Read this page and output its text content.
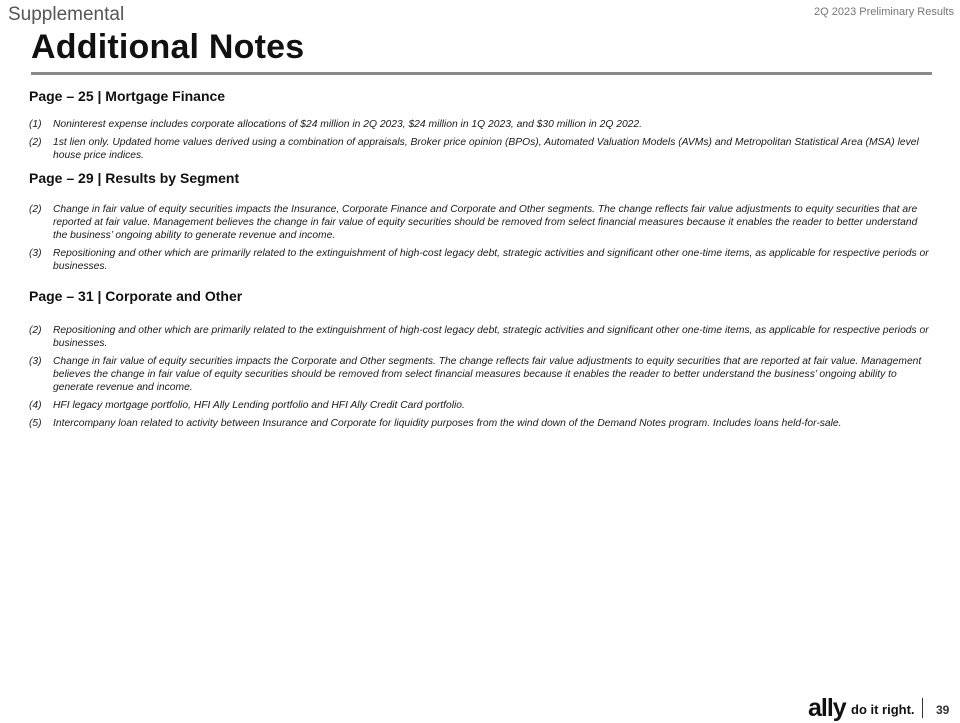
Supplemental	2Q 2023 Preliminary Results
Additional Notes
Page – 25 | Mortgage Finance
(1) Noninterest expense includes corporate allocations of $24 million in 2Q 2023, $24 million in 1Q 2023, and $30 million in 2Q 2022.
(2) 1st lien only. Updated home values derived using a combination of appraisals, Broker price opinion (BPOs), Automated Valuation Models (AVMs) and Metropolitan Statistical Area (MSA) level house price indices.
Page – 29 | Results by Segment
(2) Change in fair value of equity securities impacts the Insurance, Corporate Finance and Corporate and Other segments. The change reflects fair value adjustments to equity securities that are reported at fair value. Management believes the change in fair value of equity securities should be removed from select financial measures because it enables the reader to better understand the business’ ongoing ability to generate revenue and income.
(3) Repositioning and other which are primarily related to the extinguishment of high-cost legacy debt, strategic activities and significant other one-time items, as applicable for respective periods or businesses.
Page – 31 | Corporate and Other
(2) Repositioning and other which are primarily related to the extinguishment of high-cost legacy debt, strategic activities and significant other one-time items, as applicable for respective periods or businesses.
(3) Change in fair value of equity securities impacts the Corporate and Other segments. The change reflects fair value adjustments to equity securities that are reported at fair value. Management believes the change in fair value of equity securities should be removed from select financial measures because it enables the reader to better understand the business’ ongoing ability to generate revenue and income.
(4) HFI legacy mortgage portfolio, HFI Ally Lending portfolio and HFI Ally Credit Card portfolio.
(5) Intercompany loan related to activity between Insurance and Corporate for liquidity purposes from the wind down of the Demand Notes program. Includes loans held-for-sale.
ally do it right. 39
